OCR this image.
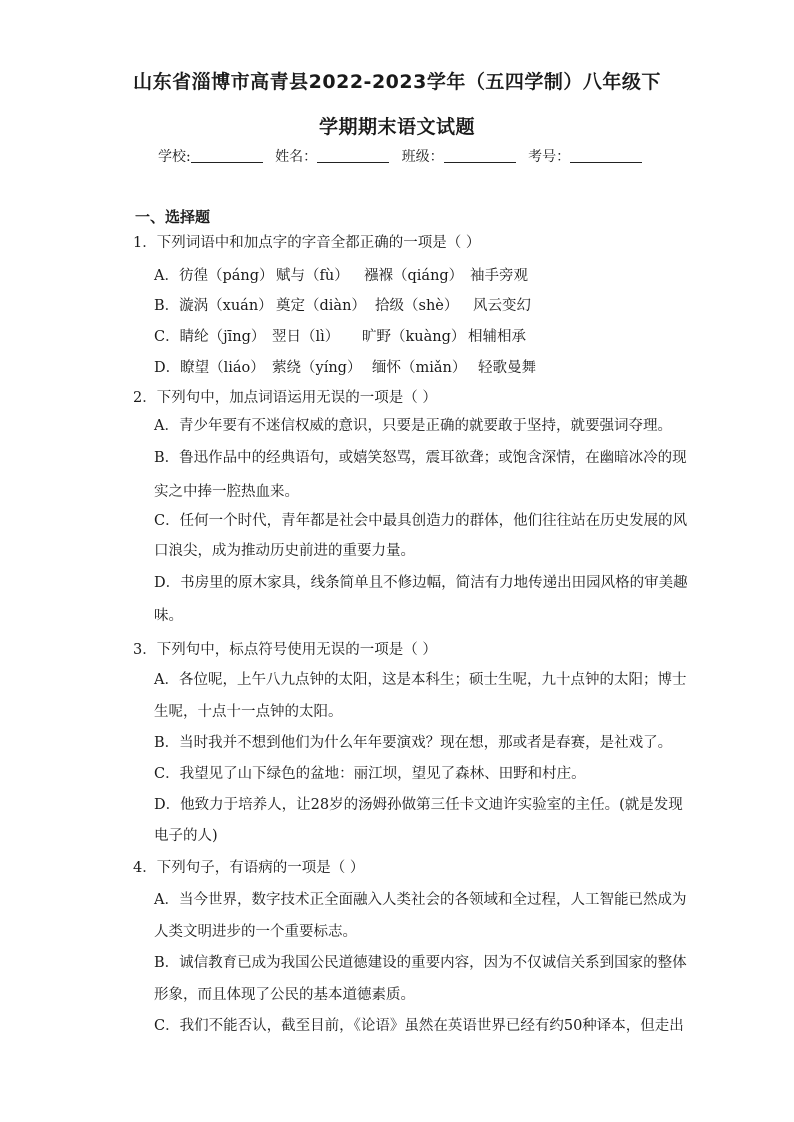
山东省淄博市高青县2022-2023学年（五四学制）八年级下
学期期末语文试题
学校:	姓名：	班级：	考号：
一、选择题
1．下列词语中和加点字的字音全都正确的一项是（ ）
A．彷徨（páng） 赋与（fù）	襁褓（qiáng） 袖手旁观
B．漩涡（xuán） 奠定（diàn） 拾级（shè）	风云变幻
C．睛纶（jīng） 翌日（lì）	旷野（kuàng） 相辅相承
D．瞭望（liáo） 萦绕（yíng） 缅怀（miǎn） 轻歌曼舞
2．下列句中，加点词语运用无误的一项是（ ）
A．青少年要有不迷信权威的意识，只要是正确的就要敢于坚持，就要强词夺理。
B．鲁迅作品中的经典语句，或嬉笑怒骂，震耳欲聋；或饱含深情，在幽暗冰冷的现
实之中捧一腔热血来。
C．任何一个时代，青年都是社会中最具创造力的群体，他们往往站在历史发展的风
口浪尖，成为推动历史前进的重要力量。
D．书房里的原木家具，线条简单且不修边幅，简洁有力地传递出田园风格的审美趣
味。
3．下列句中，标点符号使用无误的一项是（ ）
A．各位呢，上午八九点钟的太阳，这是本科生；硕士生呢，九十点钟的太阳；博士
生呢，十点十一点钟的太阳。
B．当时我并不想到他们为什么年年要演戏？现在想，那或者是春赛，是社戏了。
C．我望见了山下绿色的盆地：丽江坝，望见了森林、田野和村庄。
D．他致力于培养人，让28岁的汤姆孙做第三任卡文迪许实验室的主任。(就是发现
电子的人)
4．下列句子，有语病的一项是（ ）
A．当今世界，数字技术正全面融入人类社会的各领域和全过程，人工智能已然成为
人类文明进步的一个重要标志。
B．诚信教育已成为我国公民道德建设的重要内容，因为不仅诚信关系到国家的整体
形象，而且体现了公民的基本道德素质。
C．我们不能否认，截至目前，《论语》虽然在英语世界已经有约50种译本，但走出
